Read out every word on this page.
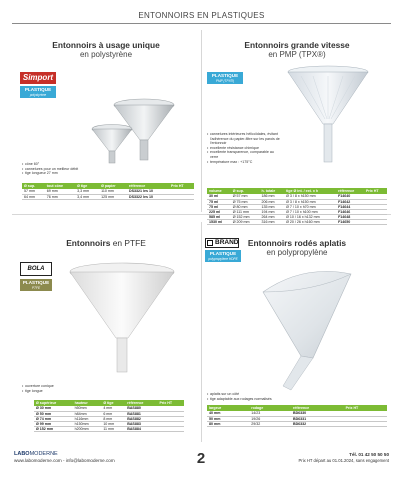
ENTONNOIRS EN PLASTIQUES
Entonnoirs à usage unique
en polystyrène
Simport
PLASTIQUE
polystyrène
• cône 60°
• cannelures pour un meilleur débit
• tige longueur 27 mm
Ø sup.	tout cône	Ø tige	Ø papier	référence	Prix HT
57 mm	69 mm	3,3 mm	110 mm	DS3321 les 10	
64 mm	76 mm	3,4 mm	125 mm	DS3322 les 10	
Entonnoirs grande vitesse
en PMP (TPX®)
PLASTIQUE
PMP (TPX®)
• cannelures intérieures hélicoïdales, évitant l'adhérence du papier-filtre sur les parois de l'entonnoir
• excellente résistance chimique
• excellente transparence, comparable au verre
• température max : +175°C
volume	Ø sup.	h. totale	tige Ø int. / ext. x h	référence	Prix HT
30 ml	Ø 57 mm	186 mm	Ø 3 / 8 x h150 mm	F14640	
75 ml	Ø 75 mm	206 mm	Ø 3 / 8 x h150 mm	F14642	
75 ml	Ø 80 mm	135 mm	Ø 7 / 10 x h70 mm	F14644	
225 ml	Ø 111 mm	194 mm	Ø 7 / 10 x h100 mm	F14646	
585 ml	Ø 152 mm	264 mm	Ø 10 / 16 x h132 mm	F14648	
1530 ml	Ø 209 mm	316 mm	Ø 20 / 26 x h160 mm	F14650	
Entonnoirs en PTFE
BOLA
PLASTIQUE
PTFE
• ouverture conique
• tige longue
Ø supérieur	hauteur	Ø tige	référence	Prix HT
Ø 30 mm	h50mm	4 mm	BAS880	
Ø 50 mm	h84mm	6 mm	BAS881	
Ø 74 mm	h116mm	8 mm	BAS882	
Ø 99 mm	h150mm	10 mm	BAS883	
Ø 152 mm	h200mm	11 mm	BAS884	
Entonnoirs rodés aplatis
en polypropylène
BRAND
PLASTIQUE
polypropylène HDPE
• aplatis sur un côté
• tige adaptable aux rodages normalisés
largeur	rodage	référence	Prix HT
40 mm	14/23	BD6330	
50 mm	19/26	BD6331	
80 mm	29/32	BD6332	
LABOMODERNE
www.labomoderne.com - info@labomoderne.com	2	Tél. 01 42 50 50 50
Prix HT départ au 01.01.2024, sans engagement
